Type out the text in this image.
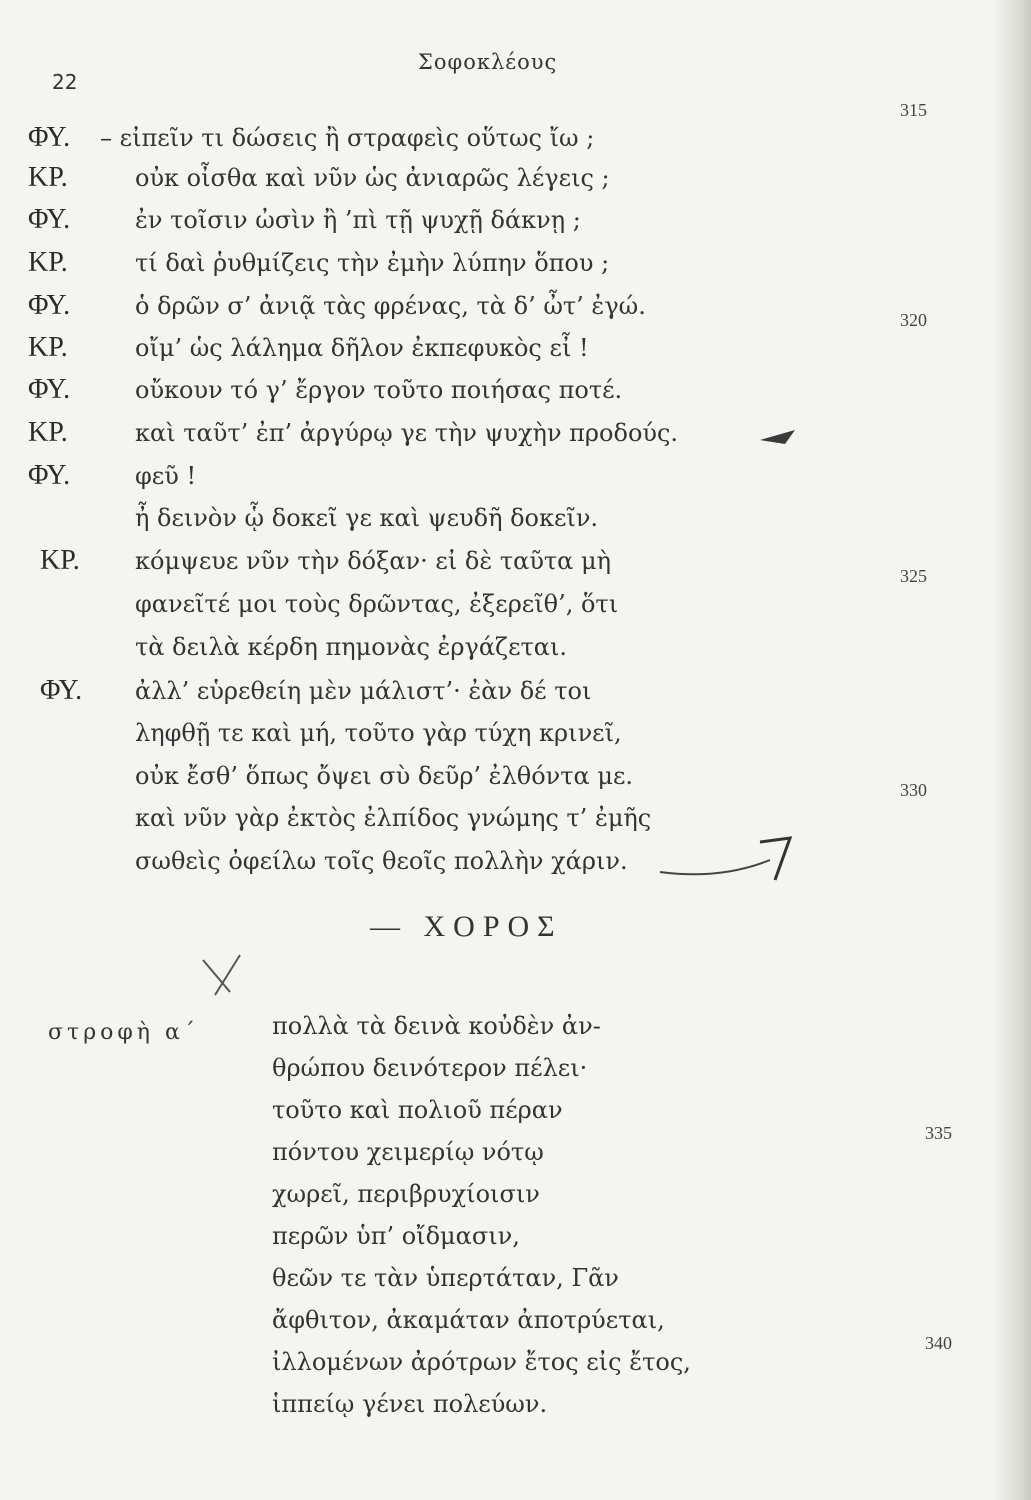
22
Σοφοκλέους
ΦΥ. – εἰπεῖν τι δώσεις ἢ στραφεὶς οὕτως ἴω ;
315
ΚΡ.	οὐκ οἶσθα καὶ νῦν ὡς ἀνιαρῶς λέγεις ;
ΦΥ.	ἐν τοῖσιν ὠσὶν ἢ ’πὶ τῇ ψυχῇ δάκνῃ ;
ΚΡ.	τί δαὶ ῥυθμίζεις τὴν ἐμὴν λύπην ὅπου ;
ΦΥ.	ὁ δρῶν σ’ ἀνιᾷ τὰς φρένας, τὰ δ’ ὦτ’ ἐγώ.
ΚΡ.	οἴμ’ ὡς λάλημα δῆλον ἐκπεφυκὸς εἶ !
320
ΦΥ.	οὔκουν τό γ’ ἔργον τοῦτο ποιήσας ποτέ.
ΚΡ.	καὶ ταῦτ’ ἐπ’ ἀργύρῳ γε τὴν ψυχὴν προδούς.
ΦΥ.	φεῦ !
ἦ δεινὸν ᾧ δοκεῖ γε καὶ ψευδῆ δοκεῖν.
ΚΡ. κόμψευε νῦν τὴν δόξαν· εἰ δὲ ταῦτα μὴ
φανεῖτέ μοι τοὺς δρῶντας, ἐξερεῖθ’, ὅτι
325
τὰ δειλὰ κέρδη πημονὰς ἐργάζεται.
ΦΥ. ἀλλ’ εὑρεθείη μὲν μάλιστ’· ἐὰν δέ τοι
ληφθῇ τε καὶ μή, τοῦτο γὰρ τύχη κρινεῖ,
οὐκ ἔσθ’ ὅπως ὄψει σὺ δεῦρ’ ἐλθόντα με.
καὶ νῦν γὰρ ἐκτὸς ἐλπίδος γνώμης τ’ ἐμῆς
330
σωθεὶς ὀφείλω τοῖς θεοῖς πολλὴν χάριν.
— ΧΟΡΟΣ
στροφὴ α΄	πολλὰ τὰ δεινὰ κοὐδὲν ἀν-
θρώπου δεινότερον πέλει·
τοῦτο καὶ πολιοῦ πέραν
πόντου χειμερίῳ νότῳ
335
χωρεῖ, περιβρυχίοισιν
περῶν ὑπ’ οἴδμασιν,
θεῶν τε τὰν ὑπερτάταν, Γᾶν
ἄφθιτον, ἀκαμάταν ἀποτρύεται,
ἰλλομένων ἀρότρων ἔτος εἰς ἔτος,
340
ἱππείῳ γένει πολεύων.
